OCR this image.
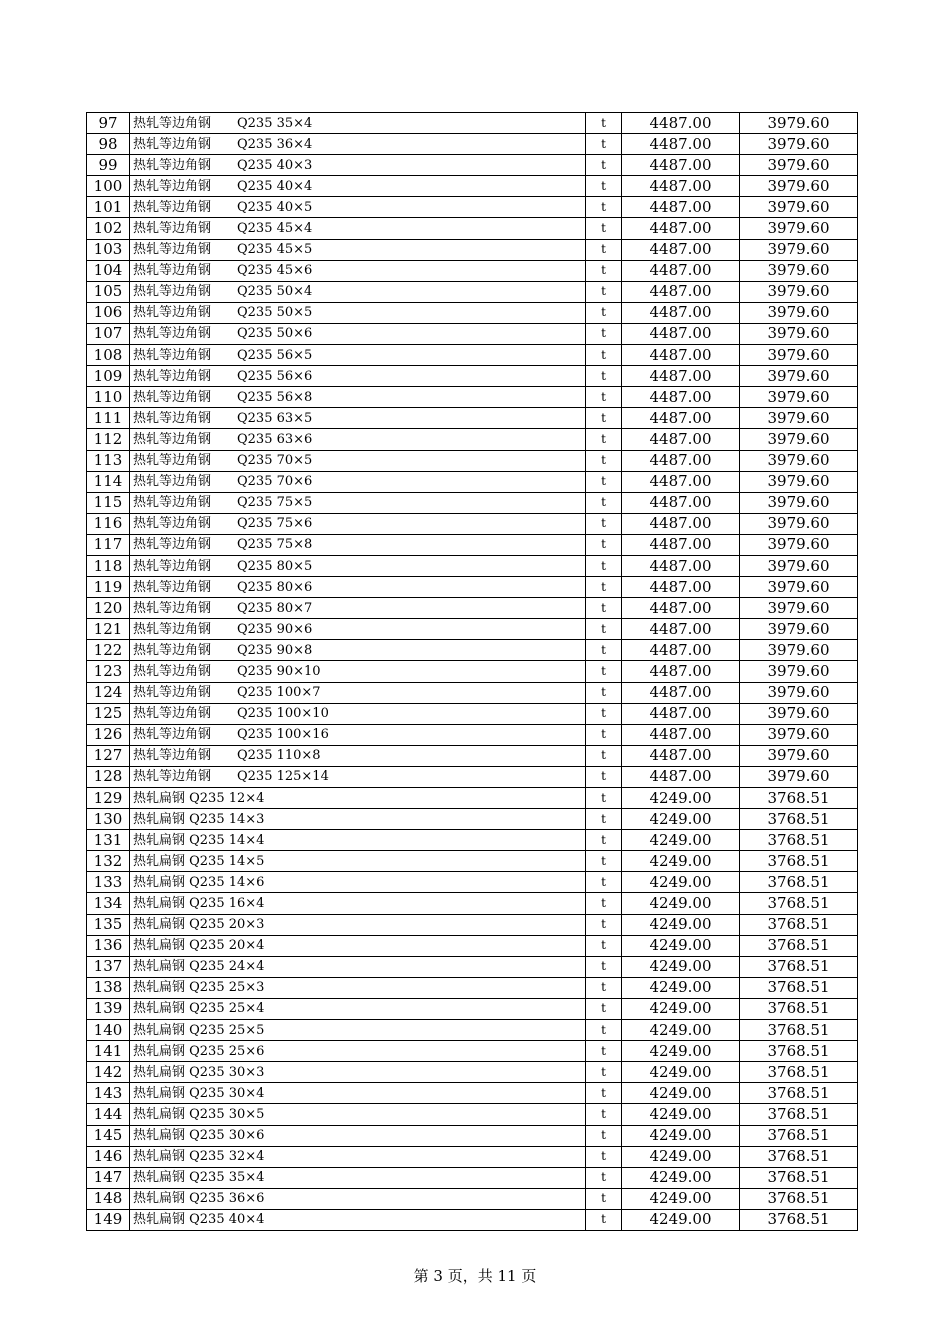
97	热轧等边角钢　　Q235 35×4	t	4487.00	3979.60
98	热轧等边角钢　　Q235 36×4	t	4487.00	3979.60
99	热轧等边角钢　　Q235 40×3	t	4487.00	3979.60
100	热轧等边角钢　　Q235 40×4	t	4487.00	3979.60
101	热轧等边角钢　　Q235 40×5	t	4487.00	3979.60
102	热轧等边角钢　　Q235 45×4	t	4487.00	3979.60
103	热轧等边角钢　　Q235 45×5	t	4487.00	3979.60
104	热轧等边角钢　　Q235 45×6	t	4487.00	3979.60
105	热轧等边角钢　　Q235 50×4	t	4487.00	3979.60
106	热轧等边角钢　　Q235 50×5	t	4487.00	3979.60
107	热轧等边角钢　　Q235 50×6	t	4487.00	3979.60
108	热轧等边角钢　　Q235 56×5	t	4487.00	3979.60
109	热轧等边角钢　　Q235 56×6	t	4487.00	3979.60
110	热轧等边角钢　　Q235 56×8	t	4487.00	3979.60
111	热轧等边角钢　　Q235 63×5	t	4487.00	3979.60
112	热轧等边角钢　　Q235 63×6	t	4487.00	3979.60
113	热轧等边角钢　　Q235 70×5	t	4487.00	3979.60
114	热轧等边角钢　　Q235 70×6	t	4487.00	3979.60
115	热轧等边角钢　　Q235 75×5	t	4487.00	3979.60
116	热轧等边角钢　　Q235 75×6	t	4487.00	3979.60
117	热轧等边角钢　　Q235 75×8	t	4487.00	3979.60
118	热轧等边角钢　　Q235 80×5	t	4487.00	3979.60
119	热轧等边角钢　　Q235 80×6	t	4487.00	3979.60
120	热轧等边角钢　　Q235 80×7	t	4487.00	3979.60
121	热轧等边角钢　　Q235 90×6	t	4487.00	3979.60
122	热轧等边角钢　　Q235 90×8	t	4487.00	3979.60
123	热轧等边角钢　　Q235 90×10	t	4487.00	3979.60
124	热轧等边角钢　　Q235 100×7	t	4487.00	3979.60
125	热轧等边角钢　　Q235 100×10	t	4487.00	3979.60
126	热轧等边角钢　　Q235 100×16	t	4487.00	3979.60
127	热轧等边角钢　　Q235 110×8	t	4487.00	3979.60
128	热轧等边角钢　　Q235 125×14	t	4487.00	3979.60
129	热轧扁钢 Q235 12×4	t	4249.00	3768.51
130	热轧扁钢 Q235 14×3	t	4249.00	3768.51
131	热轧扁钢 Q235 14×4	t	4249.00	3768.51
132	热轧扁钢 Q235 14×5	t	4249.00	3768.51
133	热轧扁钢 Q235 14×6	t	4249.00	3768.51
134	热轧扁钢 Q235 16×4	t	4249.00	3768.51
135	热轧扁钢 Q235 20×3	t	4249.00	3768.51
136	热轧扁钢 Q235 20×4	t	4249.00	3768.51
137	热轧扁钢 Q235 24×4	t	4249.00	3768.51
138	热轧扁钢 Q235 25×3	t	4249.00	3768.51
139	热轧扁钢 Q235 25×4	t	4249.00	3768.51
140	热轧扁钢 Q235 25×5	t	4249.00	3768.51
141	热轧扁钢 Q235 25×6	t	4249.00	3768.51
142	热轧扁钢 Q235 30×3	t	4249.00	3768.51
143	热轧扁钢 Q235 30×4	t	4249.00	3768.51
144	热轧扁钢 Q235 30×5	t	4249.00	3768.51
145	热轧扁钢 Q235 30×6	t	4249.00	3768.51
146	热轧扁钢 Q235 32×4	t	4249.00	3768.51
147	热轧扁钢 Q235 35×4	t	4249.00	3768.51
148	热轧扁钢 Q235 36×6	t	4249.00	3768.51
149	热轧扁钢 Q235 40×4	t	4249.00	3768.51
第 3 页，共 11 页
